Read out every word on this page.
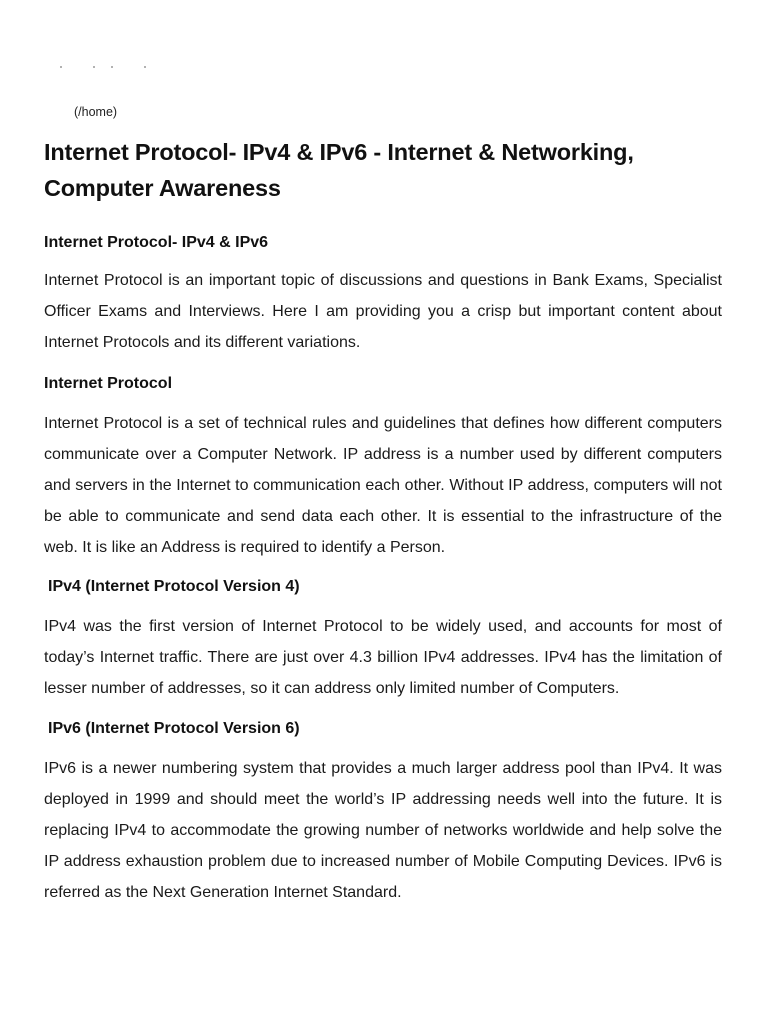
(/home)
Internet Protocol- IPv4 & IPv6 - Internet & Networking, Computer Awareness
Internet Protocol- IPv4 & IPv6

Internet Protocol is an important topic of discussions and questions in Bank Exams, Specialist Officer Exams and Interviews. Here I am providing you a crisp but important content about Internet Protocols and its different variations.

Internet Protocol

Internet Protocol is a set of technical rules and guidelines that defines how different computers communicate over a Computer Network. IP address is a number used by different computers and servers in the Internet to communication each other. Without IP address, computers will not be able to communicate and send data each other. It is essential to the infrastructure of the web. It is like an Address is required to identify a Person.

IPv4 (Internet Protocol Version 4)

IPv4 was the first version of Internet Protocol to be widely used, and accounts for most of today’s Internet traffic. There are just over 4.3 billion IPv4 addresses. IPv4 has the limitation of lesser number of addresses, so it can address only limited number of Computers.

IPv6 (Internet Protocol Version 6)

IPv6 is a newer numbering system that provides a much larger address pool than IPv4. It was deployed in 1999 and should meet the world’s IP addressing needs well into the future. It is replacing IPv4 to accommodate the growing number of networks worldwide and help solve the IP address exhaustion problem due to increased number of Mobile Computing Devices. IPv6 is referred as the Next Generation Internet Standard.
